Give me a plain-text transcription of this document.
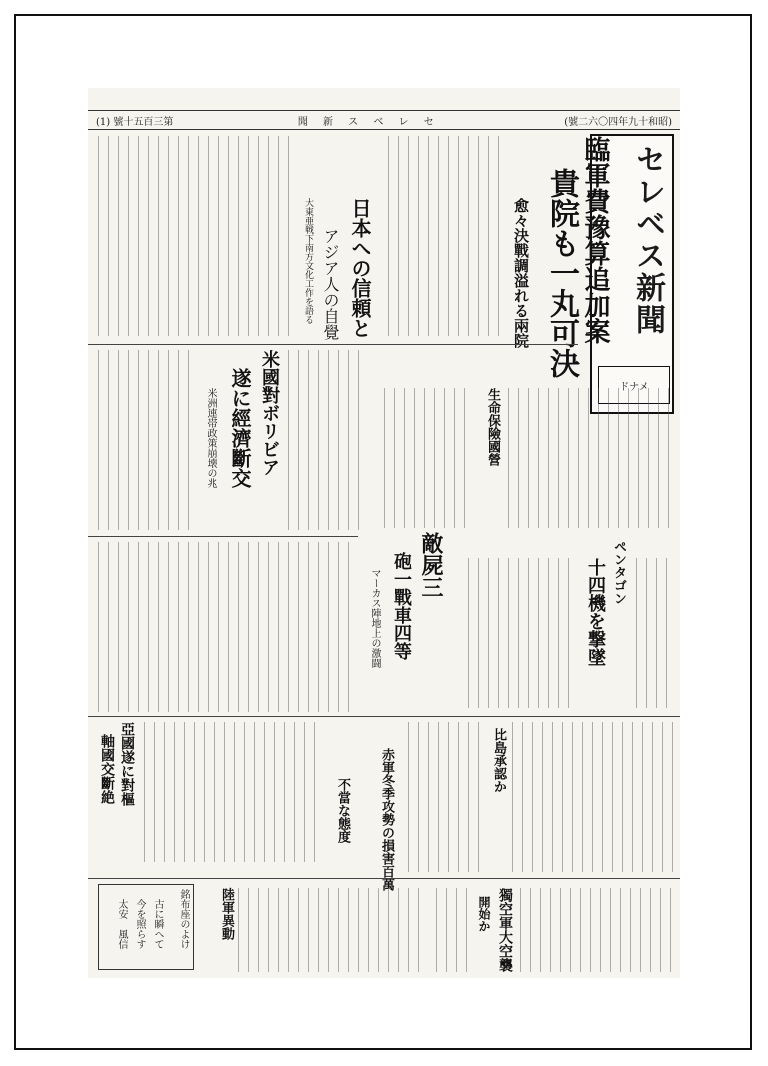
(1) 號十五百三第	聞 新 ス ベ レ セ	(號二六〇四年九十和昭)
セレベス新聞
ドナメ
臨軍費豫算追加案
貴院も一丸可決
愈々決戰調溢れる兩院
日本への信頼と
アジア人の自覺
大東亜戦下南方文化工作を語る
米國對ボリビア
遂に經濟斷交
米洲連帯政策崩壊の兆	生命保險國營
敵屍三
砲一戰車四等
マーカス陣地上の激闘	ペンタゴン
十四機を撃墜
亞國遂に對樞
軸國交斷絶
不當な態度 赤軍冬季攻勢の損害百萬	比島承認か
銘布座のよけ
古に瞬へて
今を照らす
太安　風信	陸軍異動	獨空軍大空襲
開始か
